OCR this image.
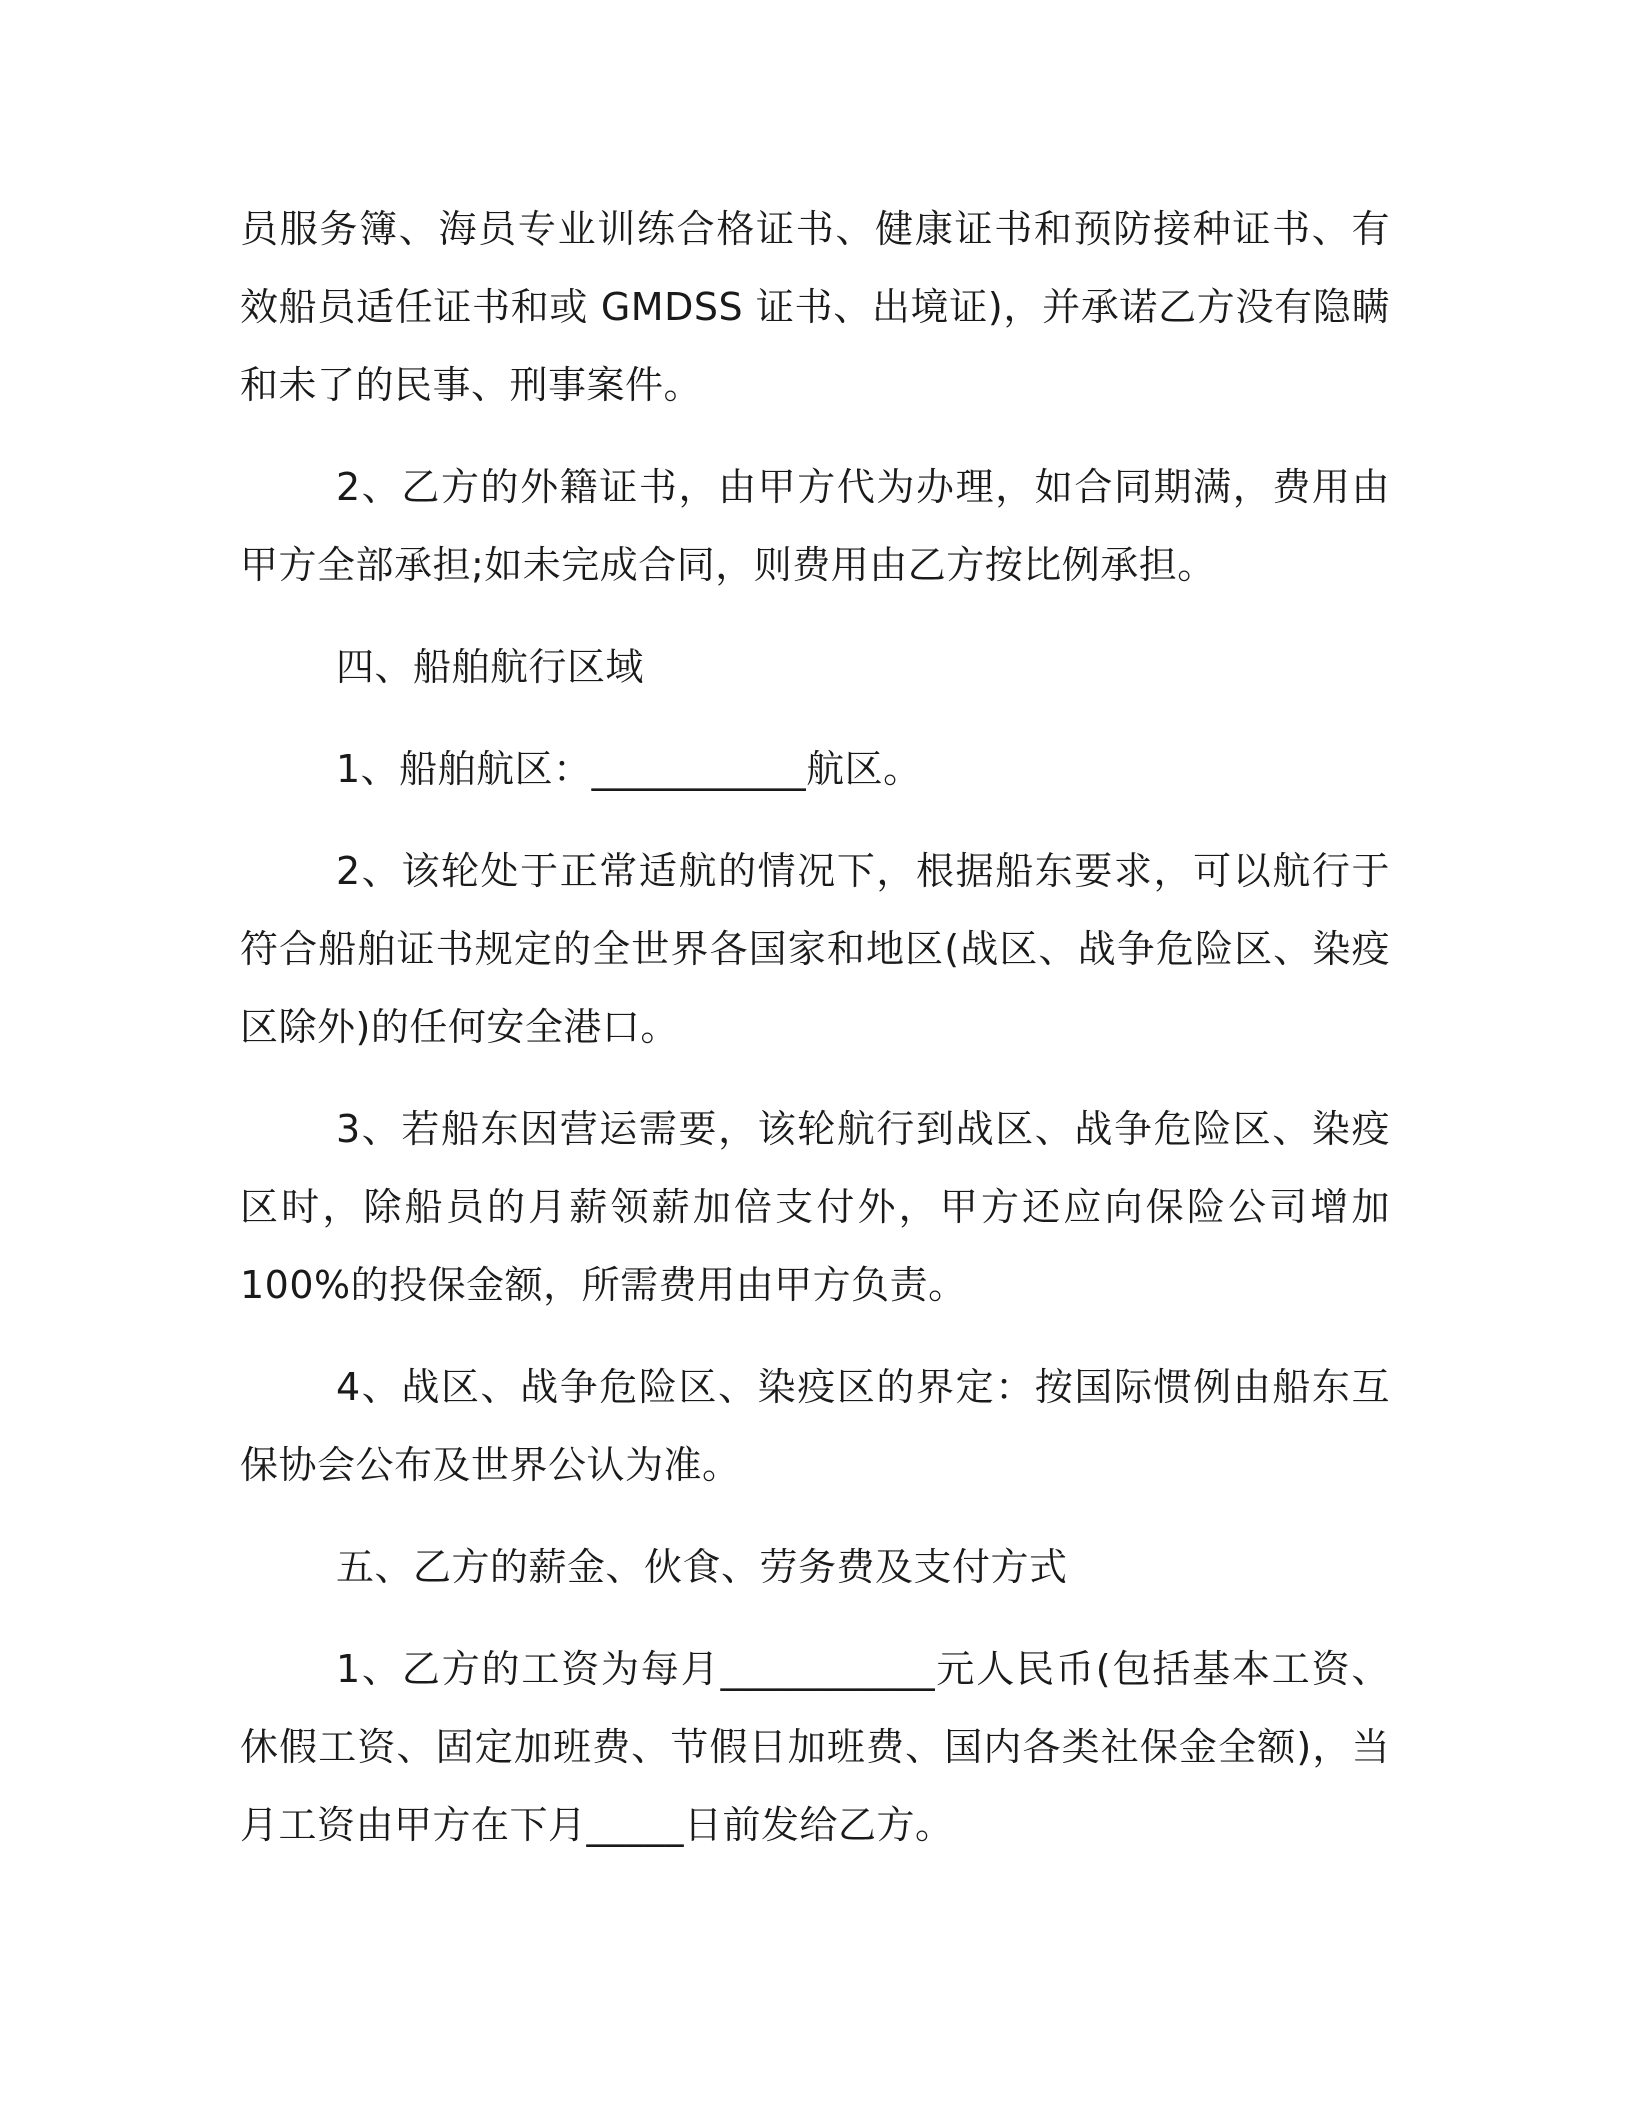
员服务簿、海员专业训练合格证书、健康证书和预防接种证书、有效船员适任证书和或 GMDSS 证书、出境证)，并承诺乙方没有隐瞒和未了的民事、刑事案件。

2、乙方的外籍证书，由甲方代为办理，如合同期满，费用由甲方全部承担;如未完成合同，则费用由乙方按比例承担。

四、船舶航行区域

1、船舶航区：___________航区。

2、该轮处于正常适航的情况下，根据船东要求，可以航行于符合船舶证书规定的全世界各国家和地区(战区、战争危险区、染疫区除外)的任何安全港口。

3、若船东因营运需要，该轮航行到战区、战争危险区、染疫区时，除船员的月薪领薪加倍支付外，甲方还应向保险公司增加 100%的投保金额，所需费用由甲方负责。

4、战区、战争危险区、染疫区的界定：按国际惯例由船东互保协会公布及世界公认为准。

五、乙方的薪金、伙食、劳务费及支付方式

1、乙方的工资为每月___________元人民币(包括基本工资、休假工资、固定加班费、节假日加班费、国内各类社保金全额)，当月工资由甲方在下月_____日前发给乙方。
